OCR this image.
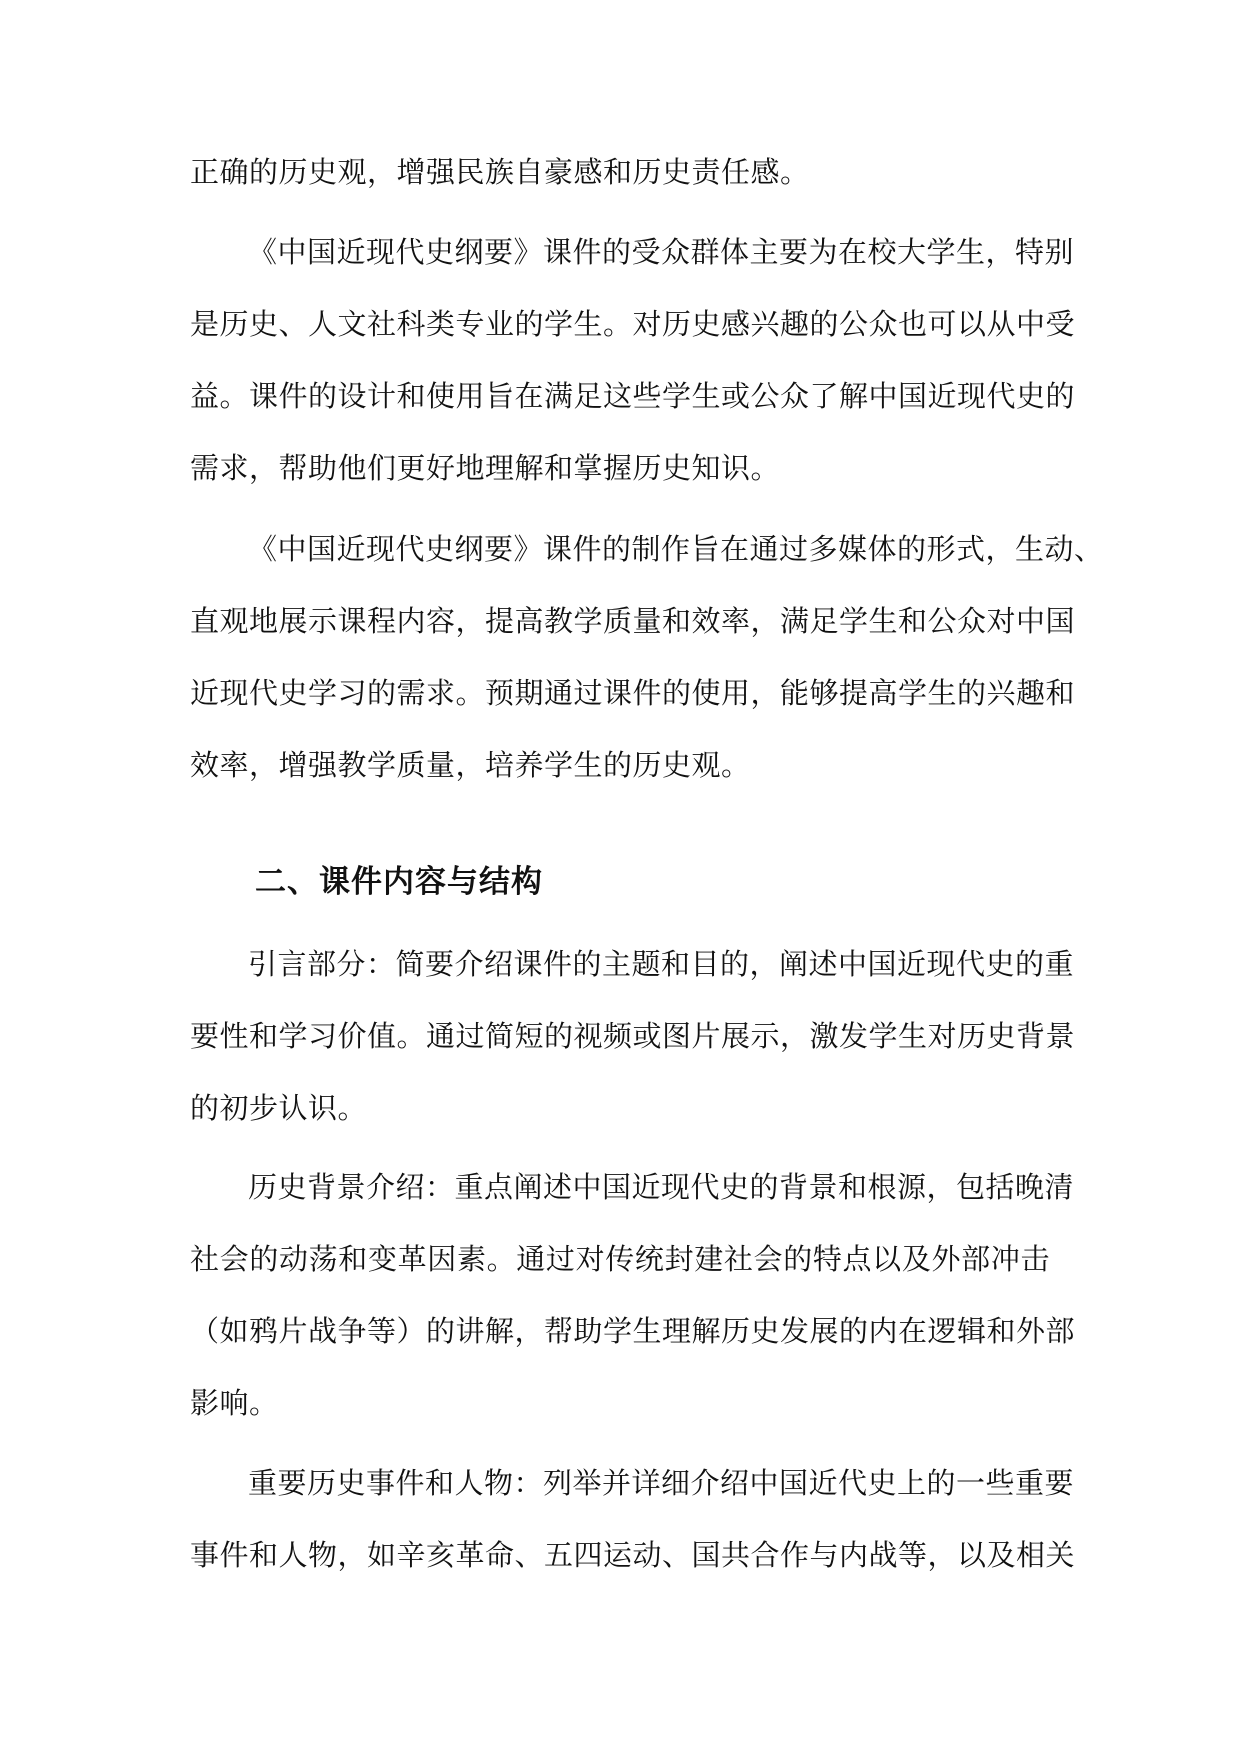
正确的历史观，增强民族自豪感和历史责任感。
《中国近现代史纲要》课件的受众群体主要为在校大学生，特别
是历史、人文社科类专业的学生。对历史感兴趣的公众也可以从中受
益。课件的设计和使用旨在满足这些学生或公众了解中国近现代史的
需求，帮助他们更好地理解和掌握历史知识。
《中国近现代史纲要》课件的制作旨在通过多媒体的形式，生动、
直观地展示课程内容，提高教学质量和效率，满足学生和公众对中国
近现代史学习的需求。预期通过课件的使用，能够提高学生的兴趣和
效率，增强教学质量，培养学生的历史观。
二、课件内容与结构
引言部分：简要介绍课件的主题和目的，阐述中国近现代史的重
要性和学习价值。通过简短的视频或图片展示，激发学生对历史背景
的初步认识。
历史背景介绍：重点阐述中国近现代史的背景和根源，包括晚清
社会的动荡和变革因素。通过对传统封建社会的特点以及外部冲击
（如鸦片战争等）的讲解，帮助学生理解历史发展的内在逻辑和外部
影响。
重要历史事件和人物：列举并详细介绍中国近代史上的一些重要
事件和人物，如辛亥革命、五四运动、国共合作与内战等，以及相关
